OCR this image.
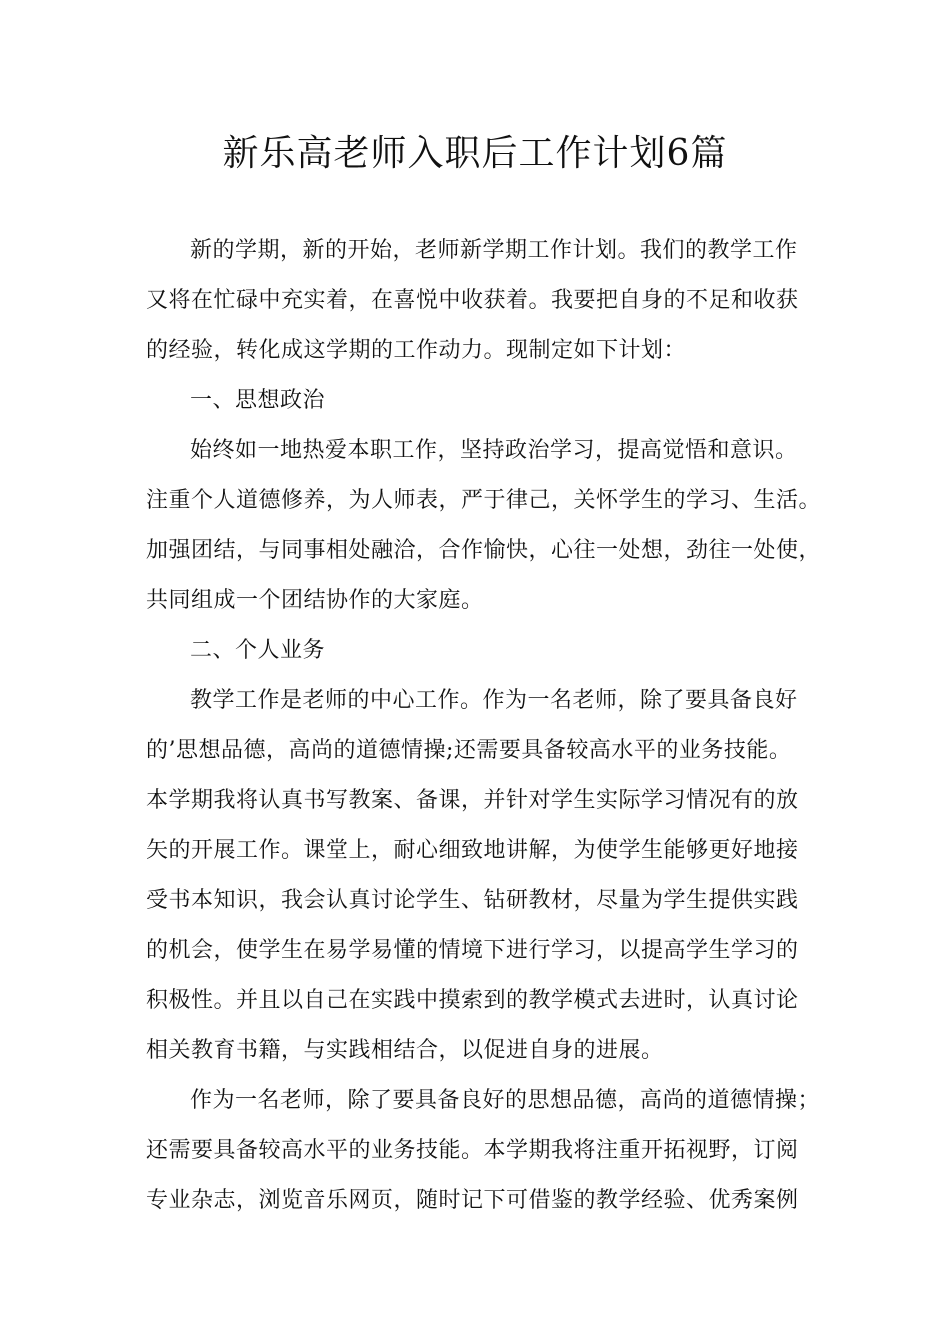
新乐高老师入职后工作计划6篇
新的学期，新的开始，老师新学期工作计划。我们的教学工作
又将在忙碌中充实着，在喜悦中收获着。我要把自身的不足和收获
的经验，转化成这学期的工作动力。现制定如下计划：
一、思想政治
始终如一地热爱本职工作，坚持政治学习，提高觉悟和意识。
注重个人道德修养，为人师表，严于律己，关怀学生的学习、生活。
加强团结，与同事相处融洽，合作愉快，心往一处想，劲往一处使，
共同组成一个团结协作的大家庭。
二、个人业务
教学工作是老师的中心工作。作为一名老师，除了要具备良好
的’思想品德，高尚的道德情操;还需要具备较高水平的业务技能。
本学期我将认真书写教案、备课，并针对学生实际学习情况有的放
矢的开展工作。课堂上，耐心细致地讲解，为使学生能够更好地接
受书本知识，我会认真讨论学生、钻研教材，尽量为学生提供实践
的机会，使学生在易学易懂的情境下进行学习，以提高学生学习的
积极性。并且以自己在实践中摸索到的教学模式去进时，认真讨论
相关教育书籍，与实践相结合，以促进自身的进展。
作为一名老师，除了要具备良好的思想品德，高尚的道德情操；
还需要具备较高水平的业务技能。本学期我将注重开拓视野，订阅
专业杂志，浏览音乐网页，随时记下可借鉴的教学经验、优秀案例
